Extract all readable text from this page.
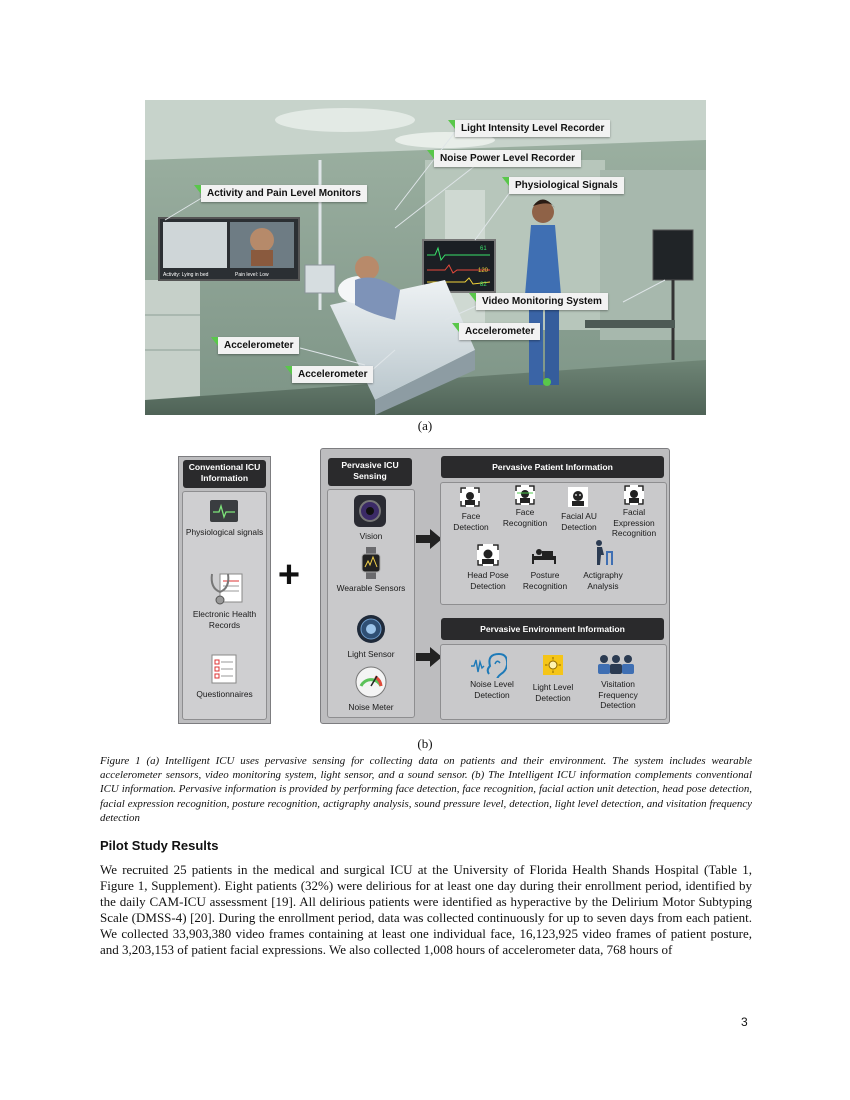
Activity: Lying in bed	Pain level: Low
61
120
82
Light Intensity Level Recorder
Noise Power Level Recorder
Physiological Signals
Activity and Pain Level Monitors
Video Monitoring System
Accelerometer
Accelerometer
Accelerometer
(a)
Conventional ICU Information
Physiological signals
Electronic Health Records
Questionnaires
+
Pervasive ICU Sensing
Vision
Wearable Sensors
Light Sensor
Noise Meter
Pervasive Patient Information
Face Detection
Face Recognition
Facial AU Detection
Facial Expression Recognition
Head Pose Detection
Posture Recognition
Actigraphy Analysis
Pervasive Environment Information
Noise Level Detection
Light Level Detection
Visitation Frequency Detection
(b)
Figure 1 (a) Intelligent ICU uses pervasive sensing for collecting data on patients and their environment. The system includes wearable accelerometer sensors, video monitoring system, light sensor, and a sound sensor. (b) The Intelligent ICU information complements conventional ICU information. Pervasive information is provided by performing face detection, face recognition, facial action unit detection, head pose detection, facial expression recognition, posture recognition, actigraphy analysis, sound pressure level, detection, light level detection, and visitation frequency detection
Pilot Study Results
We recruited 25 patients in the medical and surgical ICU at the University of Florida Health Shands Hospital (Table 1, Figure 1, Supplement). Eight patients (32%) were delirious for at least one day during their enrollment period, identified by the daily CAM-ICU assessment [19]. All delirious patients were identified as hyperactive by the Delirium Motor Subtyping Scale (DMSS-4) [20]. During the enrollment period, data was collected continuously for up to seven days from each patient. We collected 33,903,380 video frames containing at least one individual face, 16,123,925 video frames of patient posture, and 3,203,153 of patient facial expressions. We also collected 1,008 hours of accelerometer data, 768 hours of
3
